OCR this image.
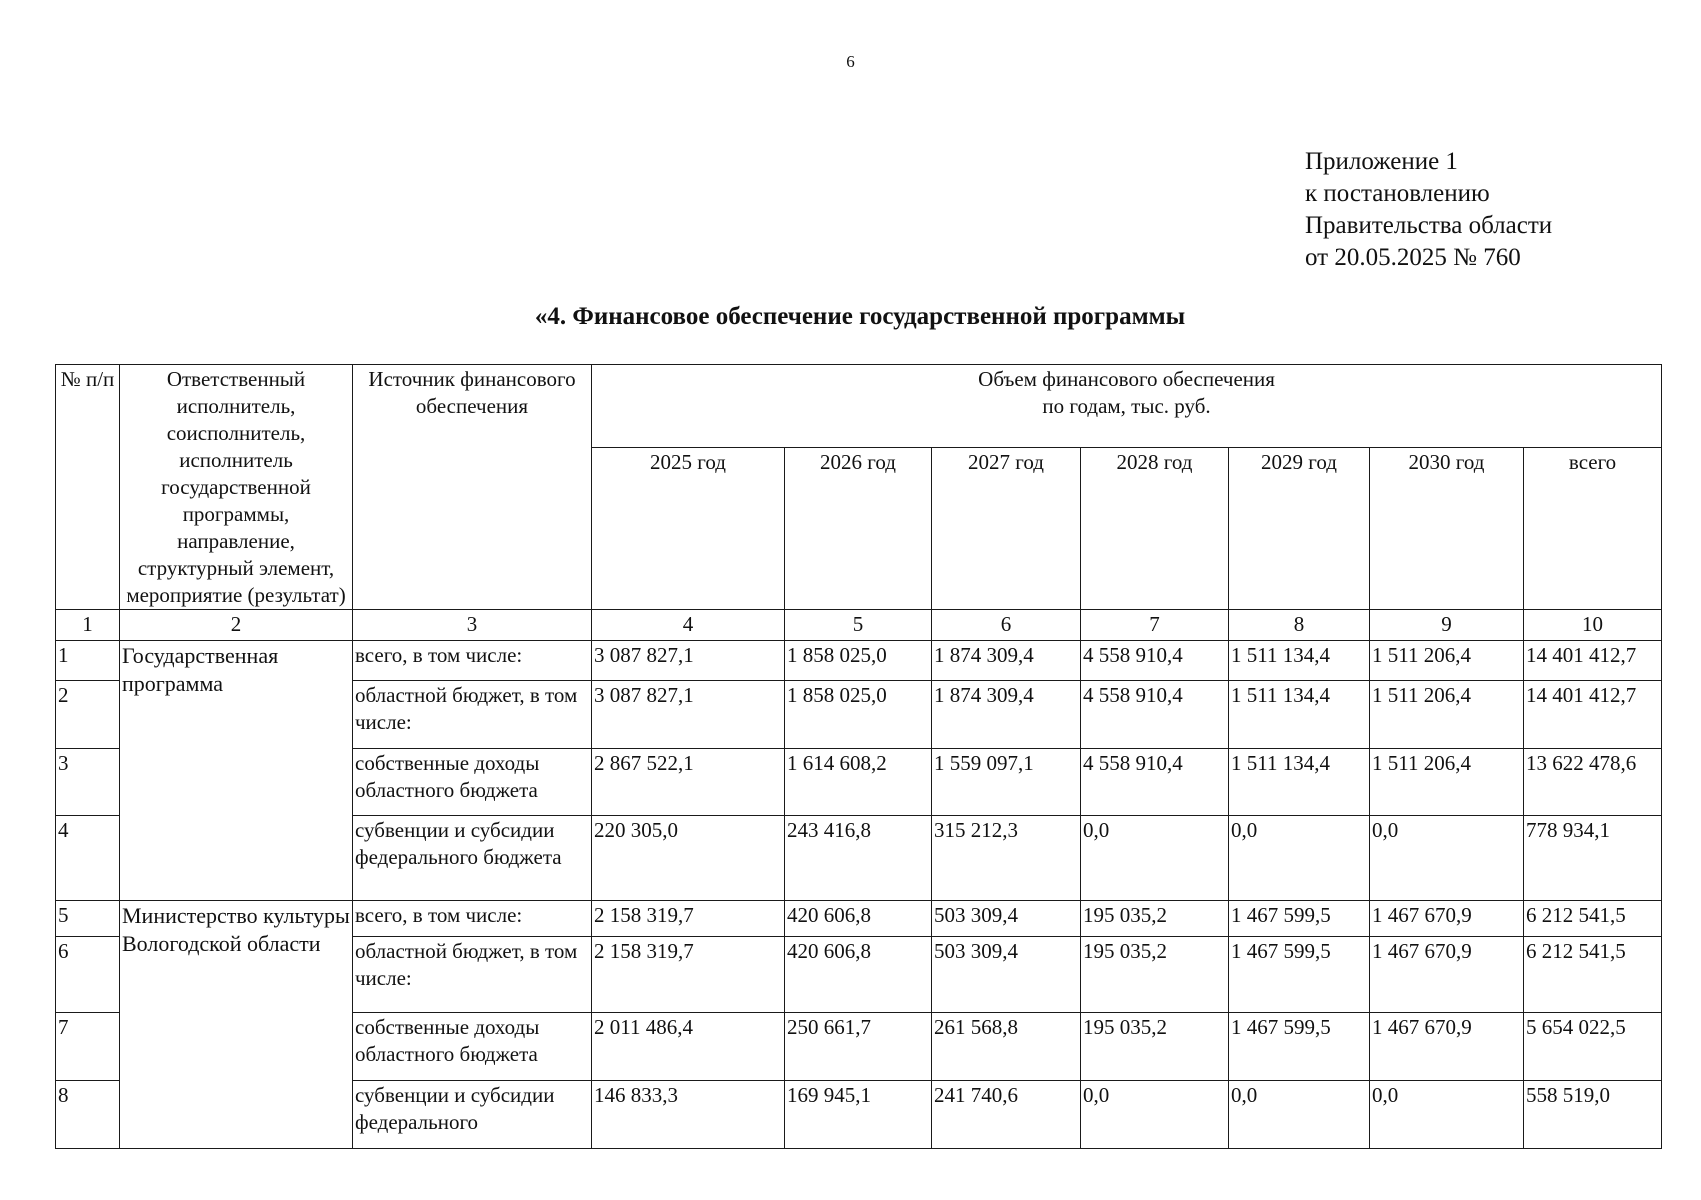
6
Приложение 1
к постановлению
Правительства области
от 20.05.2025 № 760
«4. Финансовое обеспечение государственной программы
№ п/п	Ответственный исполнитель, соисполнитель, исполнитель государственной программы, направление, структурный элемент, мероприятие (результат)	Источник финансового обеспечения	Объем финансового обеспечения
по годам, тыс. руб.						

			2025 год	2026 год	2027 год	2028 год	2029 год	2030 год	всего
1	2	3	4	5	6	7	8	9	10
1	Государственная программа	всего, в том числе:	3 087 827,1	1 858 025,0	1 874 309,4	4 558 910,4	1 511 134,4	1 511 206,4	14 401 412,7
2		областной бюджет, в том числе:	3 087 827,1	1 858 025,0	1 874 309,4	4 558 910,4	1 511 134,4	1 511 206,4	14 401 412,7
3		собственные доходы областного бюджета	2 867 522,1	1 614 608,2	1 559 097,1	4 558 910,4	1 511 134,4	1 511 206,4	13 622 478,6
4		субвенции и субсидии федерального бюджета	220 305,0	243 416,8	315 212,3	0,0	0,0	0,0	778 934,1
5	Министерство культуры Вологодской области	всего, в том числе:	2 158 319,7	420 606,8	503 309,4	195 035,2	1 467 599,5	1 467 670,9	6 212 541,5
6		областной бюджет, в том числе:	2 158 319,7	420 606,8	503 309,4	195 035,2	1 467 599,5	1 467 670,9	6 212 541,5
7		собственные доходы областного бюджета	2 011 486,4	250 661,7	261 568,8	195 035,2	1 467 599,5	1 467 670,9	5 654 022,5
8		субвенции и субсидии федерального	146 833,3	169 945,1	241 740,6	0,0	0,0	0,0	558 519,0
